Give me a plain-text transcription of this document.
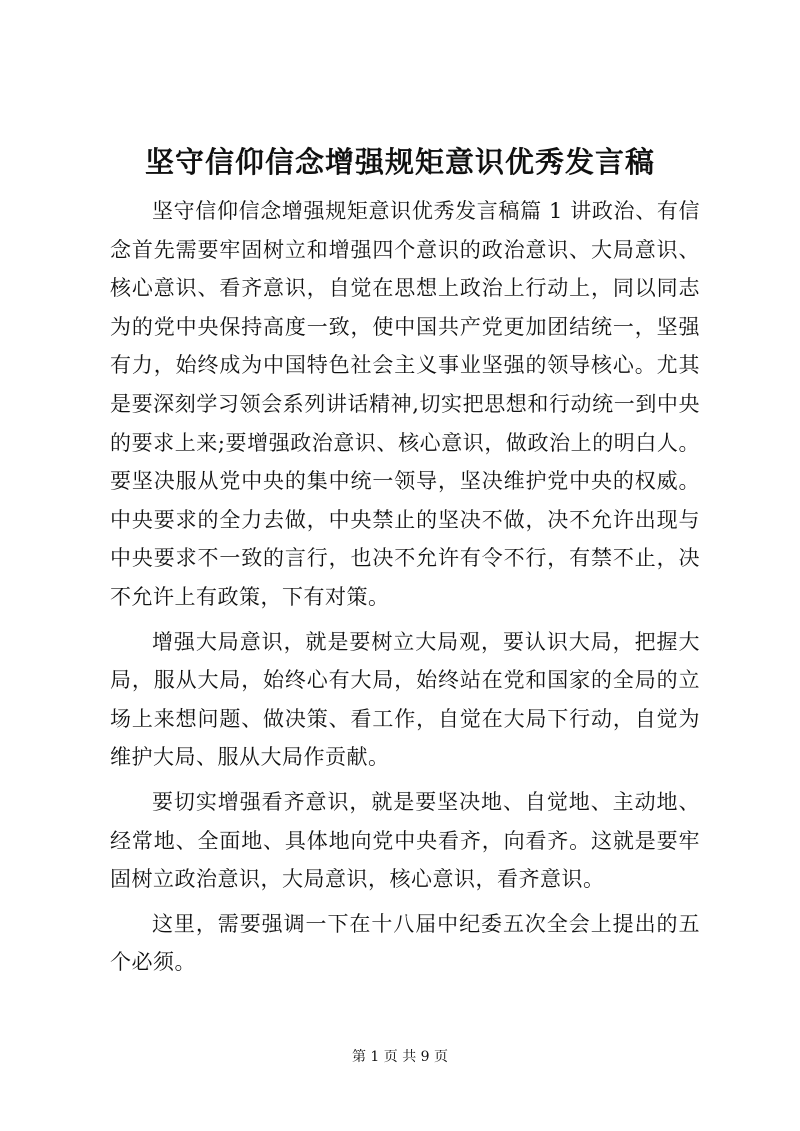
坚守信仰信念增强规矩意识优秀发言稿

坚守信仰信念增强规矩意识优秀发言稿篇 1 讲政治、有信念首先需要牢固树立和增强四个意识的政治意识、大局意识、核心意识、看齐意识，自觉在思想上政治上行动上，同以同志为的党中央保持高度一致，使中国共产党更加团结统一，坚强有力，始终成为中国特色社会主义事业坚强的领导核心。尤其是要深刻学习领会系列讲话精神,切实把思想和行动统一到中央的要求上来;要增强政治意识、核心意识，做政治上的明白人。要坚决服从党中央的集中统一领导，坚决维护党中央的权威。中央要求的全力去做，中央禁止的坚决不做，决不允许出现与中央要求不一致的言行，也决不允许有令不行，有禁不止，决不允许上有政策，下有对策。

增强大局意识，就是要树立大局观，要认识大局，把握大局，服从大局，始终心有大局，始终站在党和国家的全局的立场上来想问题、做决策、看工作，自觉在大局下行动，自觉为维护大局、服从大局作贡献。

要切实增强看齐意识，就是要坚决地、自觉地、主动地、经常地、全面地、具体地向党中央看齐，向看齐。这就是要牢固树立政治意识，大局意识，核心意识，看齐意识。

这里，需要强调一下在十八届中纪委五次全会上提出的五个必须。

第 1 页 共 9 页
